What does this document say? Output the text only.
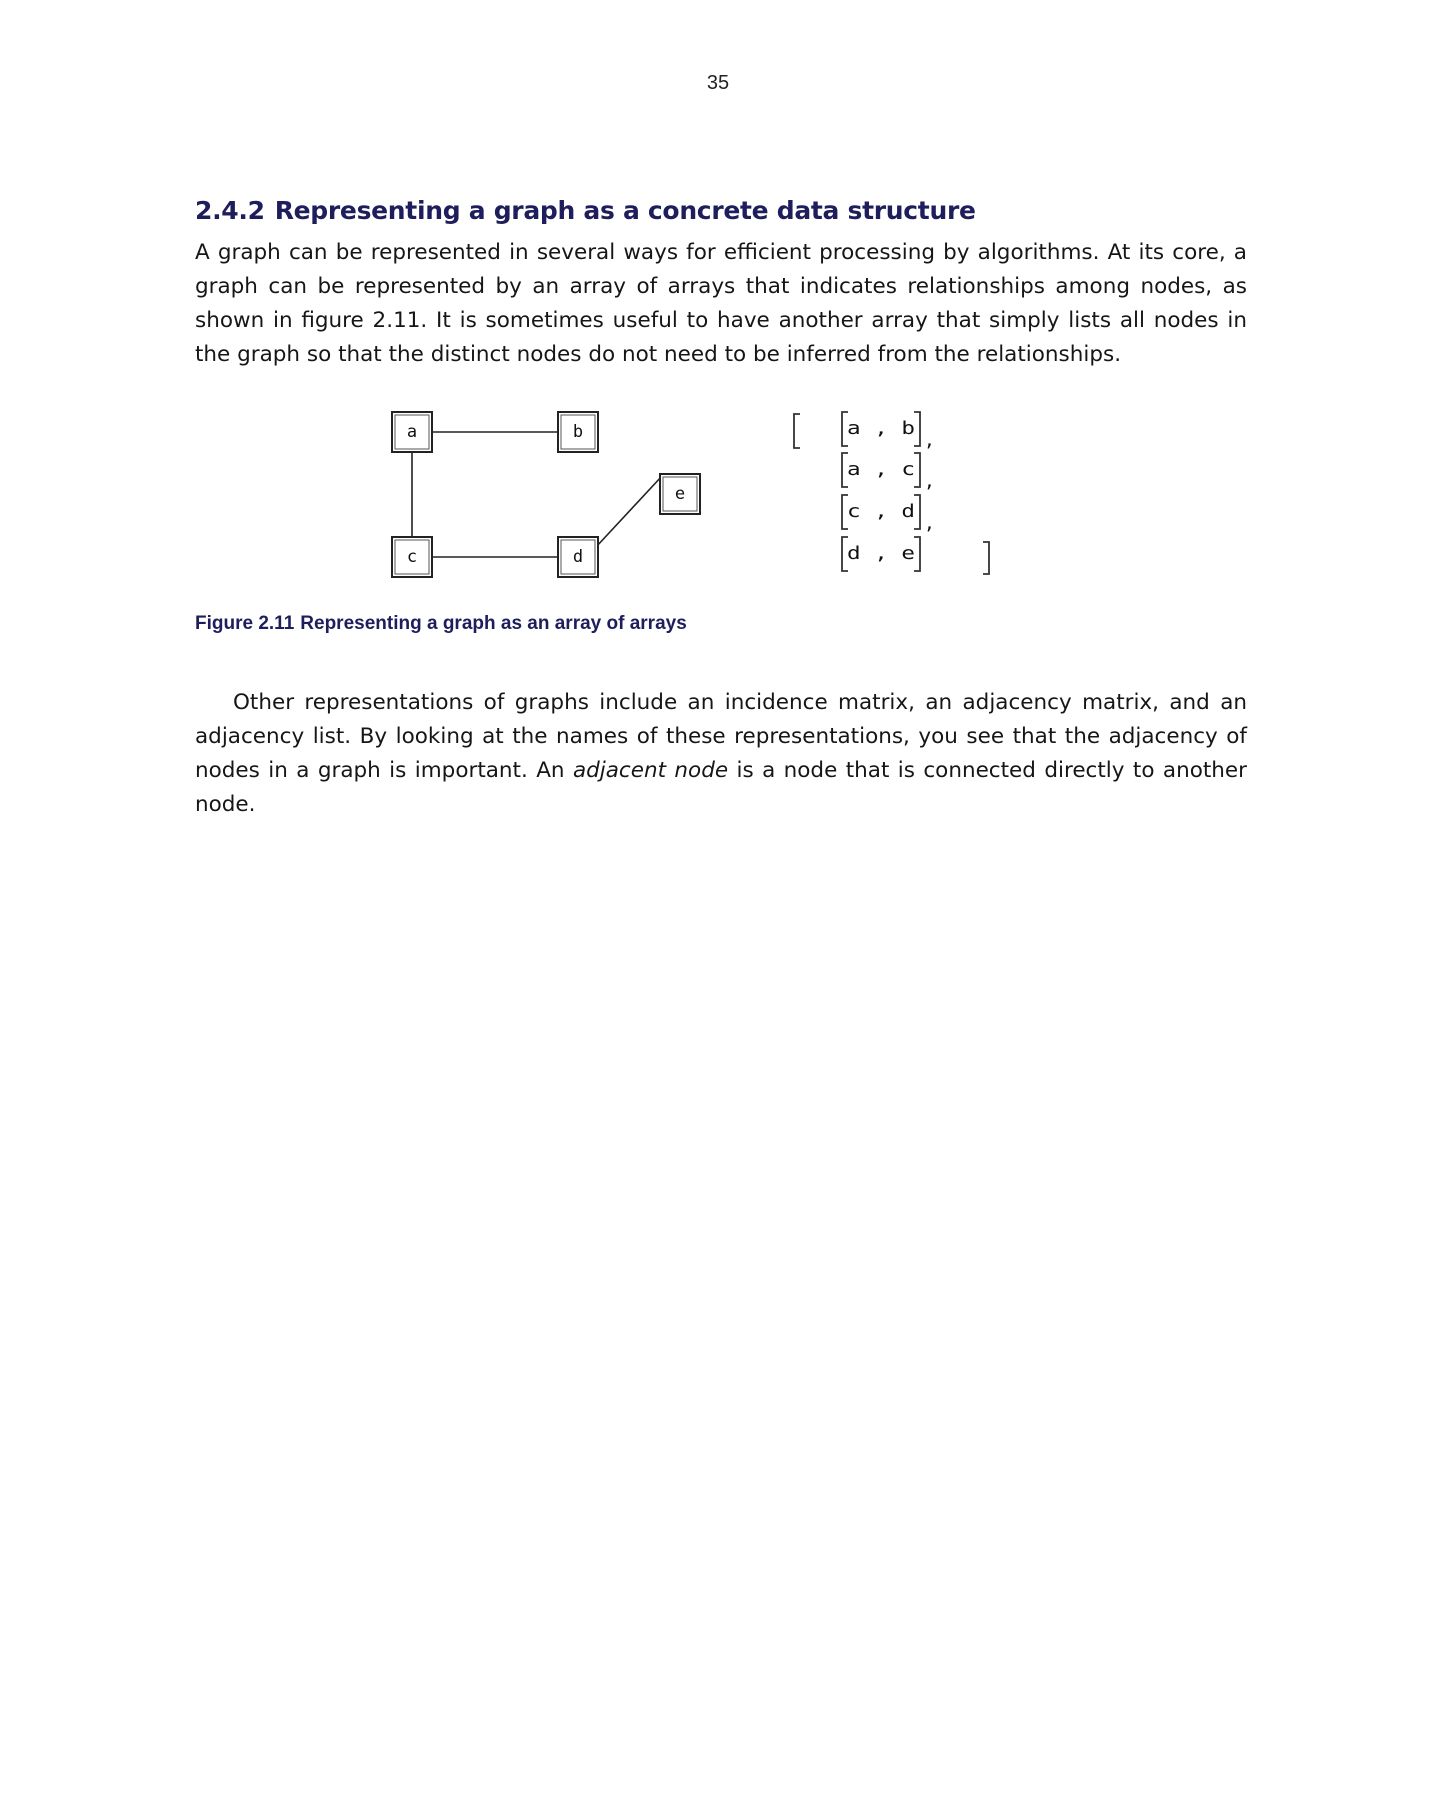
35
2.4.2 Representing a graph as a concrete data structure

A graph can be represented in several ways for efficient processing by algorithms. At its core, a graph can be represented by an array of arrays that indicates relationships among nodes, as shown in figure 2.11. It is sometimes useful to have another array that simply lists all nodes in the graph so that the distinct nodes do not need to be inferred from the relationships.

a	b
c	d
e
a , b
,
a , c
,
c , d
,
d , e

Figure 2.11 Representing a graph as an array of arrays

Other representations of graphs include an incidence matrix, an adjacency matrix, and an adjacency list. By looking at the names of these representations, you see that the adjacency of nodes in a graph is important. An adjacent node is a node that is connected directly to another node.
